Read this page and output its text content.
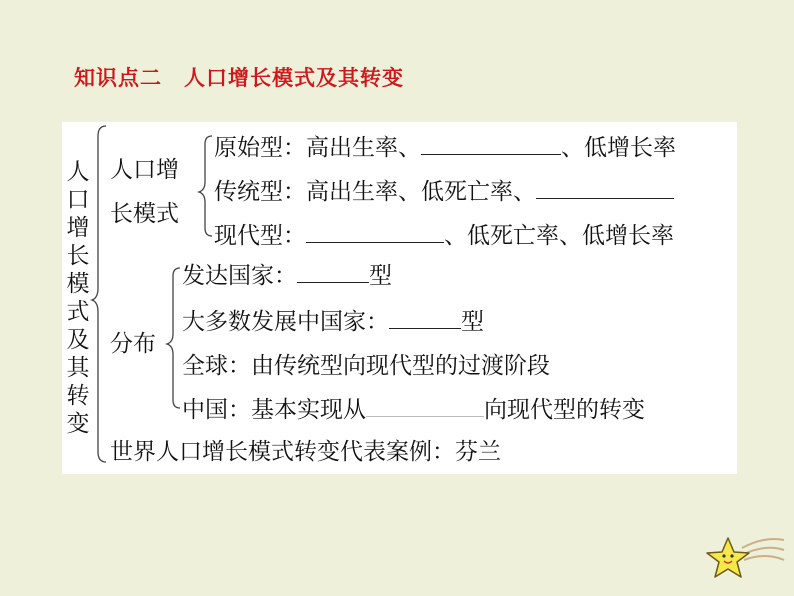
知识点二　人口增长模式及其转变
人
口
增
长
模
式
及
其
转
变
人口增
长模式
原始型：高出生率、	、低增长率
传统型：高出生率、低死亡率、
现代型：	、低死亡率、低增长率
分布
发达国家：	型
大多数发展中国家：	型
全球：由传统型向现代型的过渡阶段
中国：基本实现从	向现代型的转变
世界人口增长模式转变代表案例：芬兰
